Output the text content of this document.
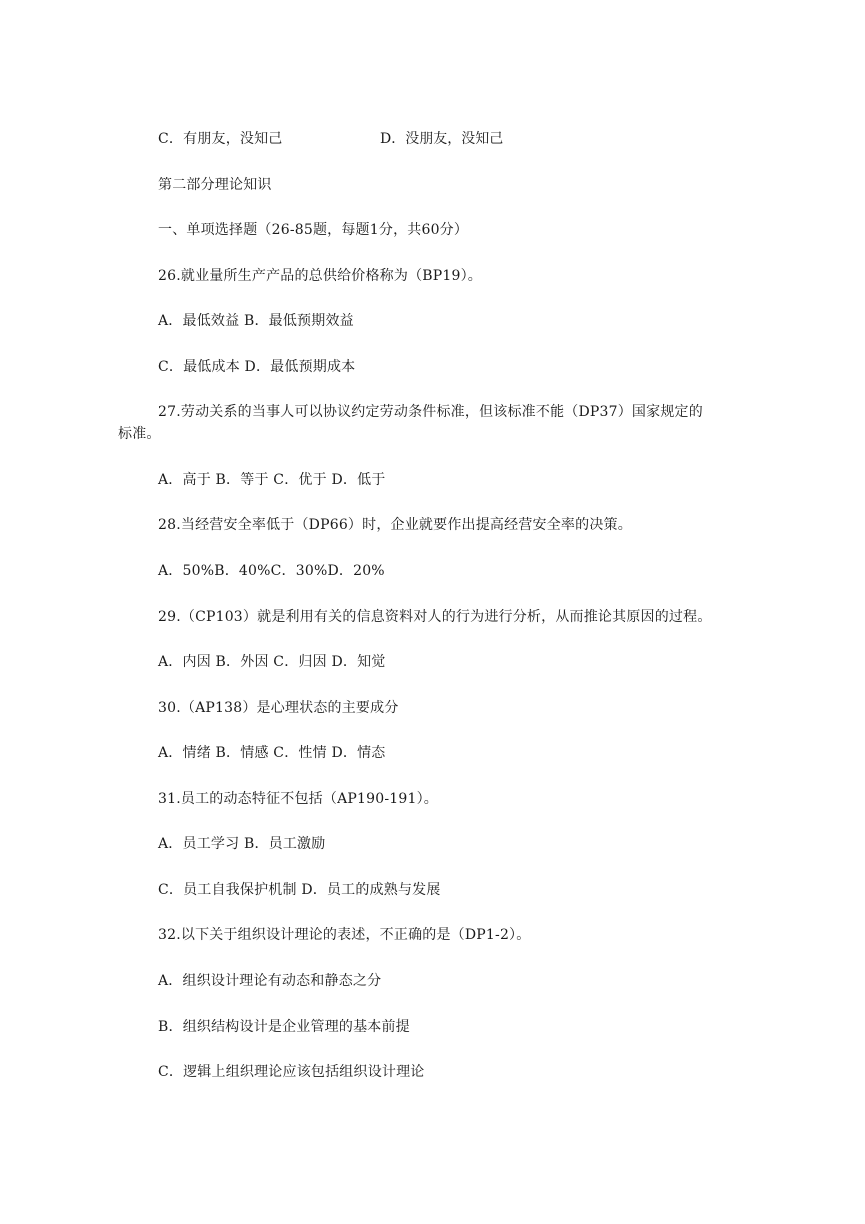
C．有朋友，没知己	D．没朋友，没知己
第二部分理论知识
一、单项选择题（26-85题，每题1分，共60分）
26.就业量所生产产品的总供给价格称为（BP19）。
A．最低效益 B．最低预期效益
C．最低成本 D．最低预期成本
27.劳动关系的当事人可以协议约定劳动条件标准，但该标准不能（DP37）国家规定的
标准。
A．高于 B．等于 C．优于 D．低于
28.当经营安全率低于（DP66）时，企业就要作出提高经营安全率的决策。
A．50%B．40%C．30%D．20%
29.（CP103）就是利用有关的信息资料对人的行为进行分析，从而推论其原因的过程。
A．内因 B．外因 C．归因 D．知觉
30.（AP138）是心理状态的主要成分
A．情绪 B．情感 C．性情 D．情态
31.员工的动态特征不包括（AP190-191）。
A．员工学习 B．员工激励
C．员工自我保护机制 D．员工的成熟与发展
32.以下关于组织设计理论的表述，不正确的是（DP1-2）。
A．组织设计理论有动态和静态之分
B．组织结构设计是企业管理的基本前提
C．逻辑上组织理论应该包括组织设计理论
